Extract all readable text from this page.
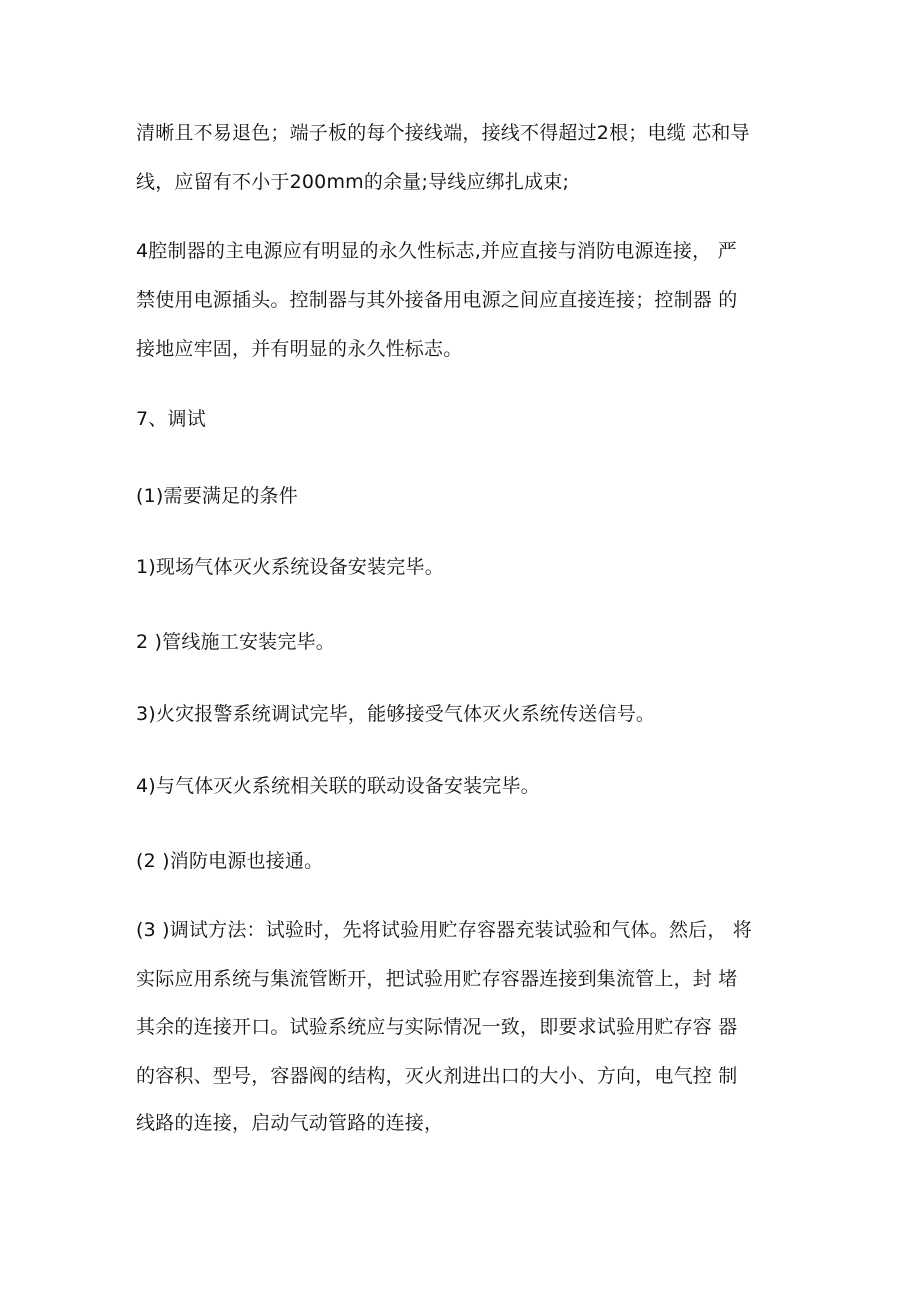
清晰且不易退色；端子板的每个接线端，接线不得超过2根；电缆 芯和导
线，应留有不小于200mm的余量;导线应绑扎成束;
4腔制器的主电源应有明显的永久性标志,并应直接与消防电源连接， 严
禁使用电源插头。控制器与其外接备用电源之间应直接连接；控制器 的
接地应牢固，并有明显的永久性标志。
7、调试
(1)需要满足的条件
1)现场气体灭火系统设备安装完毕。
2 )管线施工安装完毕。
3)火灾报警系统调试完毕，能够接受气体灭火系统传送信号。
4)与气体灭火系统相关联的联动设备安装完毕。
(2 )消防电源也接通。
(3 )调试方法：试验时，先将试验用贮存容器充装试验和气体。然后， 将
实际应用系统与集流管断开，把试验用贮存容器连接到集流管上，封 堵
其余的连接开口。试验系统应与实际情况一致，即要求试验用贮存容 器
的容积、型号，容器阀的结构，灭火剂进出口的大小、方向，电气控 制
线路的连接，启动气动管路的连接，
